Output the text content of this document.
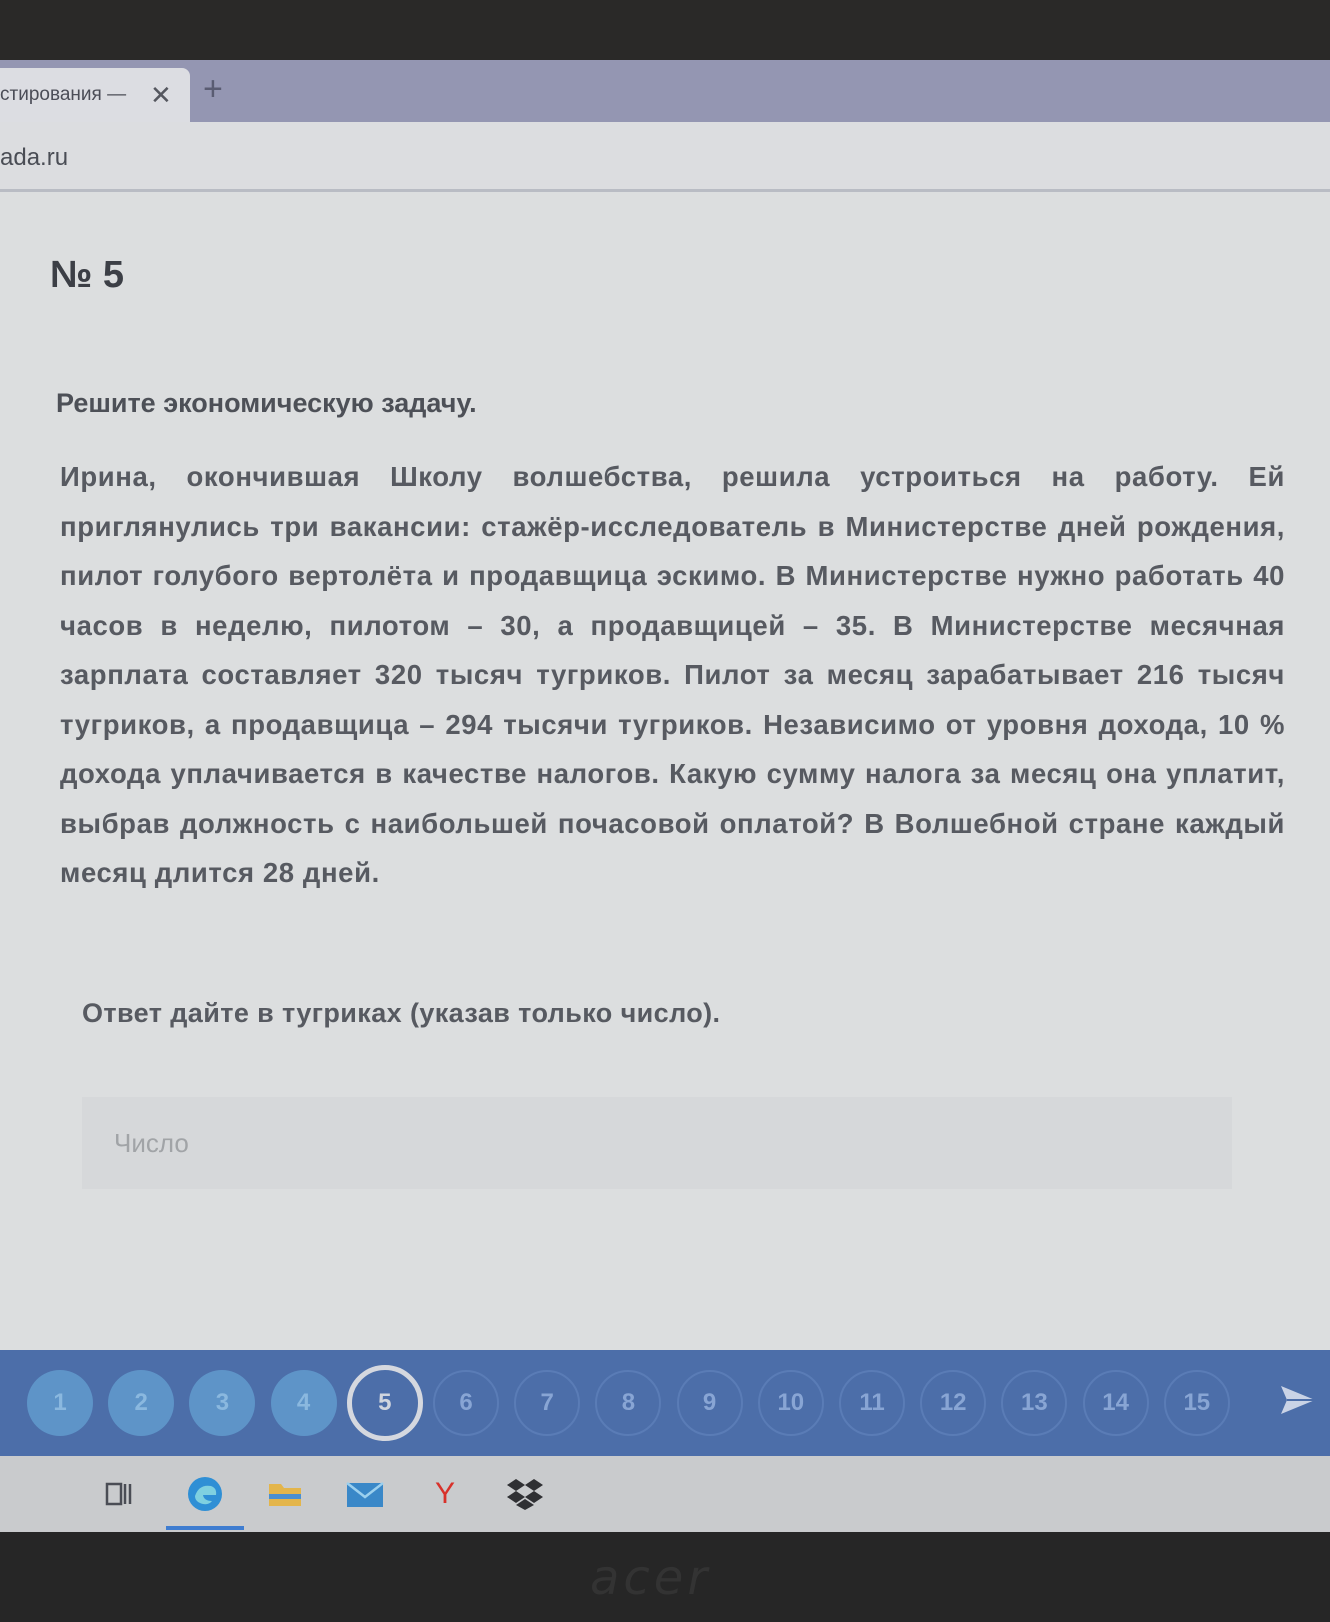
стирования — ✕ +
ada.ru
№ 5
Решите экономическую задачу.
Ирина, окончившая Школу волшебства, решила устроиться на работу. Ей приглянулись три вакансии: стажёр-исследователь в Министерстве дней рождения, пилот голубого вертолёта и продавщица эскимо. В Министерстве нужно работать 40 часов в неделю, пилотом – 30, а продавщицей – 35. В Министерстве месячная зарплата составляет 320 тысяч тугриков. Пилот за месяц зарабатывает 216 тысяч тугриков, а продавщица – 294 тысячи тугриков. Независимо от уровня дохода, 10 % дохода уплачивается в качестве налогов. Какую сумму налога за месяц она уплатит, выбрав должность с наибольшей почасовой оплатой? В Волшебной стране каждый месяц длится 28 дней.
Ответ дайте в тугриках (указав только число).
Число
1	2	3	4	5	6	7	8	9	10	11	12	13	14	15
Y
acer
